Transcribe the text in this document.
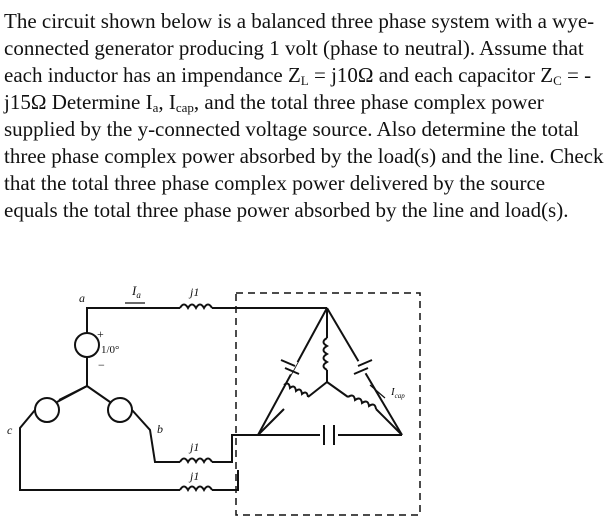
The circuit shown below is a balanced three phase system with a wye-connected generator producing 1 volt (phase to neutral). Assume that each inductor has an impendance $Z_L = j10\Omega$ and each capacitor $Z_C = -j15\Omega$ Determine $I_a$, $I_{cap}$, and the total three phase complex power supplied by the y-connected voltage source. Also determine the total three phase complex power absorbed by the load(s) and the line. Check that the total three phase complex power delivered by the source equals the total three phase power absorbed by the line and load(s).
a
b
c
$I_a$	j1
j1
j1
+
1/0°
−
$I_{cap}$
